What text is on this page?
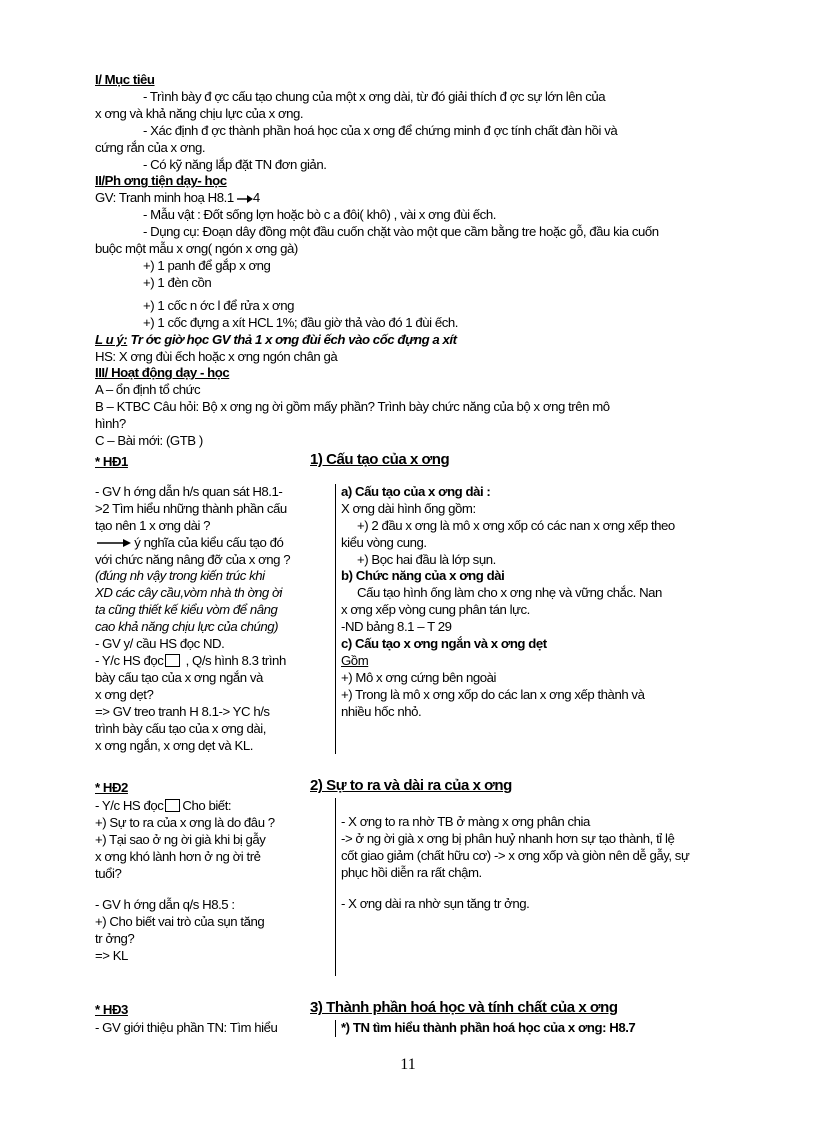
I/ Mục tiêu
- Trình bày đ ợc cấu tạo chung của một x ơng dài, từ đó giải thích đ ợc sự lớn lên của
x ơng và khả năng chịu lực của x ơng.
- Xác định đ ợc thành phần hoá học của x ơng để chứng minh đ ợc tính chất đàn hồi và
cứng rắn của x ơng.
- Có kỹ năng lắp đặt TN đơn giản.
II/Ph ơng tiện dạy- học
GV: Tranh minh hoạ H8.1 4
- Mẫu vật : Đốt sống lợn hoặc bò c a đôi( khô) , vài x ơng đùi ếch.
- Dụng cụ: Đoạn dây đồng một đầu cuốn chặt vào một que cầm bằng tre hoặc gỗ, đầu kia cuốn
buộc một mẫu x ơng( ngón x ơng gà)
+) 1 panh để gắp x ơng
+) 1 đèn cồn
+) 1 cốc n ớc l để rửa x ơng
+) 1 cốc đựng a xít HCL 1%; đầu giờ thả vào đó 1 đùi ếch.
L u ý: Tr ớc giờ học GV thả 1 x ơng đùi ếch vào cốc đựng a xít
HS: X ơng đùi ếch hoặc x ơng ngón chân gà
III/ Hoạt động dạy - học
A – ổn định tổ chức
B – KTBC Câu hỏi: Bộ x ơng ng ời gồm mấy phần? Trình bày chức năng của bộ x ơng trên mô
hình?
C – Bài mới: (GTB )
* HĐ1	1) Cấu tạo của x ơng
- GV h ớng dẫn h/s quan sát H8.1-
>2 Tìm hiểu những thành phần cấu
tạo nên 1 x ơng dài ?
ý nghĩa của kiểu cấu tạo đó
với chức năng nâng đỡ của x ơng ?
(đúng nh vậy trong kiến trúc khi
XD các cây cầu,vòm nhà th ờng ời
ta cũng thiết kế kiểu vòm để nâng
cao khả năng chịu lực của chúng)
- GV y/ cầu HS đọc ND.
- Y/c HS đọc , Q/s hình 8.3 trình
bày cấu tạo của x ơng ngắn và
x ơng dẹt?
=> GV treo tranh H 8.1-> YC h/s
trình bày cấu tạo của x ơng dài,
x ơng ngắn, x ơng dẹt và KL.
a) Cấu tạo của x ơng dài :
X ơng dài hình ống gồm:
+) 2 đầu x ơng là mô x ơng xốp có các nan x ơng xếp theo
kiểu vòng cung.
+) Bọc hai đầu là lớp sụn.
b) Chức năng của x ơng dài
Cấu tạo hình ống làm cho x ơng nhẹ và vững chắc. Nan
x ơng xếp vòng cung phân tán lực.
-ND bảng 8.1 – T 29
c) Cấu tạo x ơng ngắn và x ơng dẹt
Gồm
+) Mô x ơng cứng bên ngoài
+) Trong là mô x ơng xốp do các lan x ơng xếp thành và
nhiều hốc nhỏ.
* HĐ2	2) Sự to ra và dài ra của x ơng
- Y/c HS đọc Cho biết:
+) Sự to ra của x ơng là do đâu ?
+) Tại sao ở ng ời già khi bị gẫy
x ơng khó lành hơn ở ng ời trẻ
tuổi?
- GV h ớng dẫn q/s H8.5 :
+) Cho biết vai trò của sụn tăng
tr ởng?
=> KL
- X ơng to ra nhờ TB ở màng x ơng phân chia
-> ở ng ời già x ơng bị phân huỷ nhanh hơn sự tạo thành, tỉ lệ
cốt giao giảm (chất hữu cơ) -> x ơng xốp và giòn nên dễ gẫy, sự
phục hồi diễn ra rất chậm.
- X ơng dài ra nhờ sụn tăng tr ởng.
* HĐ3	3) Thành phần hoá học và tính chất của x ơng
- GV giới thiệu phần TN: Tìm hiểu	*) TN tìm hiểu thành phần hoá học của x ơng: H8.7
11
